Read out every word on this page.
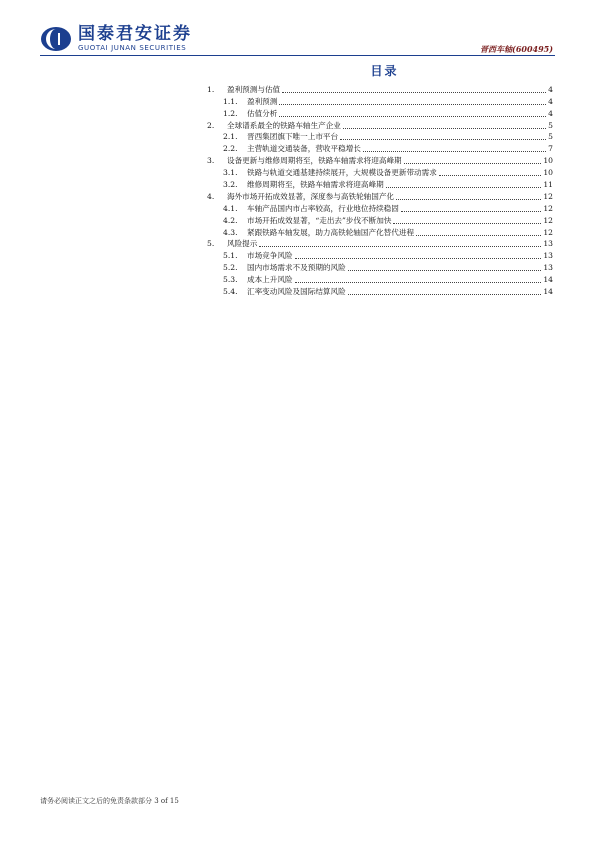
国泰君安证券
GUOTAI JUNAN SECURITIES	晋西车轴(600495)
目录
1.	盈利预测与估值	4
1.1.	盈利预测	4
1.2.	估值分析	4
2.	全球谱系最全的铁路车轴生产企业	5
2.1.	晋西集团旗下唯一上市平台	5
2.2.	主营轨道交通装备，营收平稳增长	7
3.	设备更新与维修周期将至，铁路车轴需求将迎高峰期	10
3.1.	铁路与轨道交通基建持续展开，大规模设备更新带动需求	10
3.2.	维修周期将至，铁路车轴需求将迎高峰期	11
4.	海外市场开拓成效显著，深度参与高铁轮轴国产化	12
4.1.	车轴产品国内市占率较高，行业地位持续稳固	12
4.2.	市场开拓成效显著，“走出去”步伐不断加快	12
4.3.	紧跟铁路车轴发展，助力高铁轮轴国产化替代进程	12
5.	风险提示	13
5.1.	市场竞争风险	13
5.2.	国内市场需求不及预期的风险	13
5.3.	成本上升风险	14
5.4.	汇率变动风险及国际结算风险	14
请务必阅读正文之后的免责条款部分 3 of 15
